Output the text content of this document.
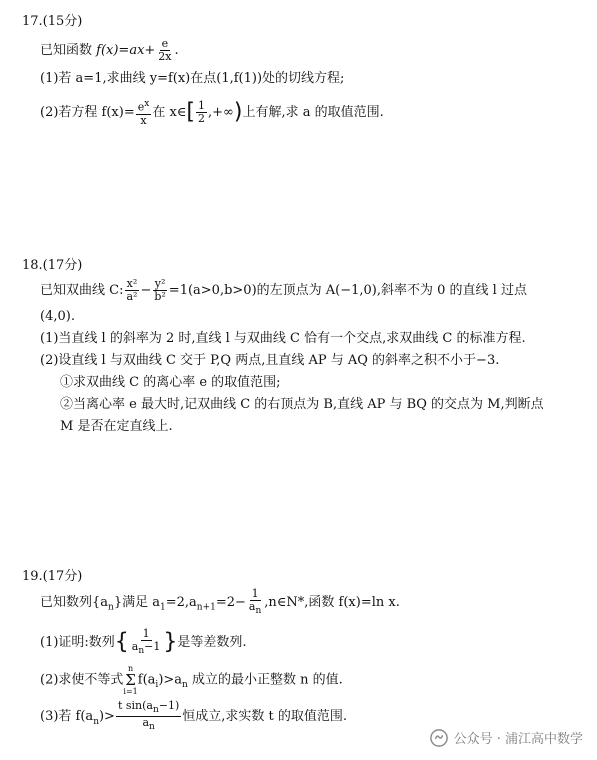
17.(15分)
已知函数 $f(x)=ax+ \frac{e}{2x}$ .
(1)若 a=1,求曲线 y=f(x)在点(1,f(1))处的切线方程;
(2)若方程 $f(x)= \frac{e^x}{x}$ 在 x∈[ $\frac{1}{2}$ ,+∞)上有解,求 a 的取值范围.
18.(17分)
已知双曲线 C: $\frac{\text{x²}}{\text{a²}} - \frac{\text{y²}}{\text{b²}} =1(a>0,b>0)$的左顶点为 A(−1,0),斜率不为 0 的直线 l 过点
(4,0).
(1)当直线 l 的斜率为 2 时,直线 l 与双曲线 C 恰有一个交点,求双曲线 C 的标准方程.
(2)设直线 l 与双曲线 C 交于 P,Q 两点,且直线 AP 与 AQ 的斜率之积不小于−3.
①求双曲线 C 的离心率 e 的取值范围;
②当离心率 e 最大时,记双曲线 C 的右顶点为 B,直线 AP 与 BQ 的交点为 M,判断点
M 是否在定直线上.
19.(17分)
已知数列$\{a_n\}$满足 $a_1=2,a_{n+1}=2- \frac{1}{a_n}$ ,n∈N*,函数 f(x)=ln x.
(1)证明:数列{ $\frac{1}{a_n-1}$ }是等差数列.
(2)求使不等式
n
Σ
i=1
$f(a_i)>a_n$ 成立的最小正整数 n 的值.
(3)若 $f(a_n)> \frac{t \sin(a_n-1)}{a_n}$ 恒成立,求实数 t 的取值范围.
公众号 · 浦江高中数学
